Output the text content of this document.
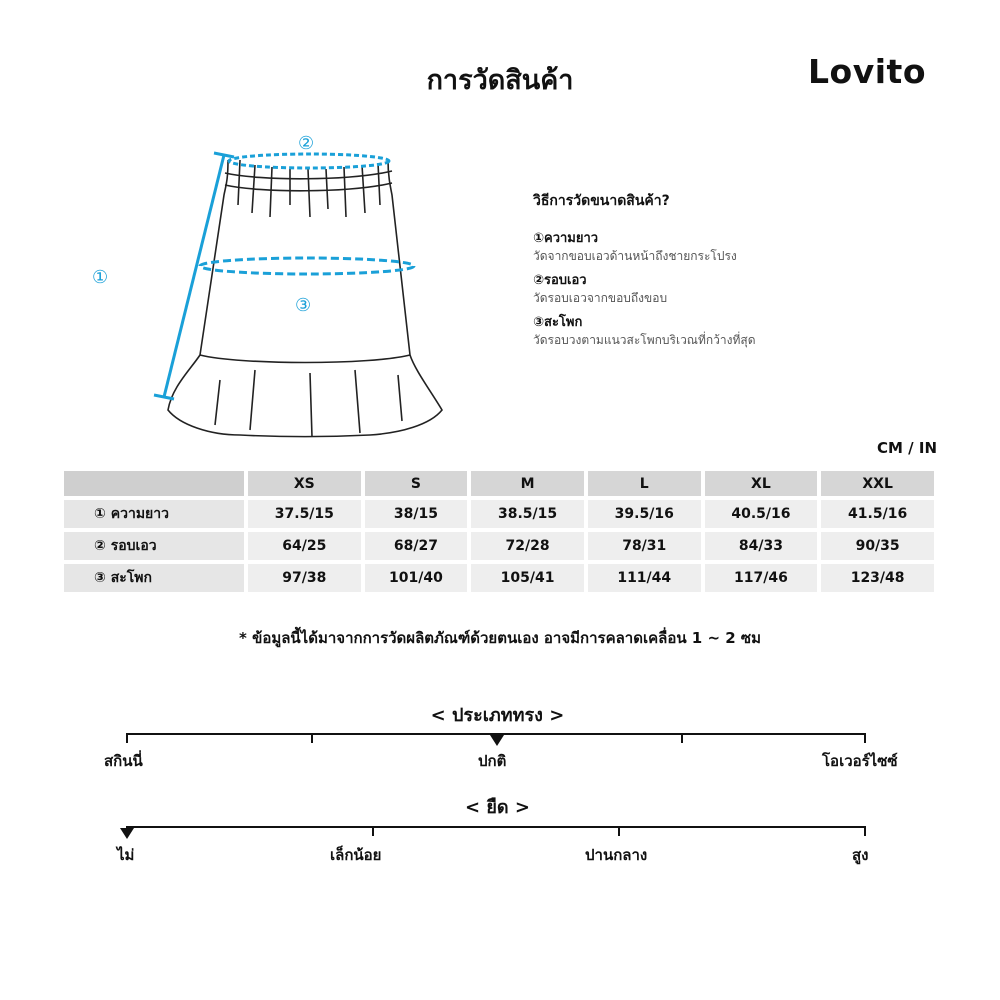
การวัดสินค้า	Lovito
②
③
①
วิธีการวัดขนาดสินค้า?
①ความยาว
วัดจากขอบเอวด้านหน้าถึงชายกระโปรง
②รอบเอว
วัดรอบเอวจากขอบถึงขอบ
③สะโพก
วัดรอบวงตามแนวสะโพกบริเวณที่กว้างที่สุด
CM / IN
	XS	S	M	L	XL	XXL
① ความยาว	37.5/15	38/15	38.5/15	39.5/16	40.5/16	41.5/16
② รอบเอว	64/25	68/27	72/28	78/31	84/33	90/35
③ สะโพก	97/38	101/40	105/41	111/44	117/46	123/48
* ข้อมูลนี้ได้มาจากการวัดผลิตภัณฑ์ด้วยตนเอง อาจมีการคลาดเคลื่อน 1 ~ 2 ซม
< ประเภททรง >
สกินนี่	ปกติ	โอเวอร์ไซซ์
< ยืด >
ไม่	เล็กน้อย	ปานกลาง	สูง
